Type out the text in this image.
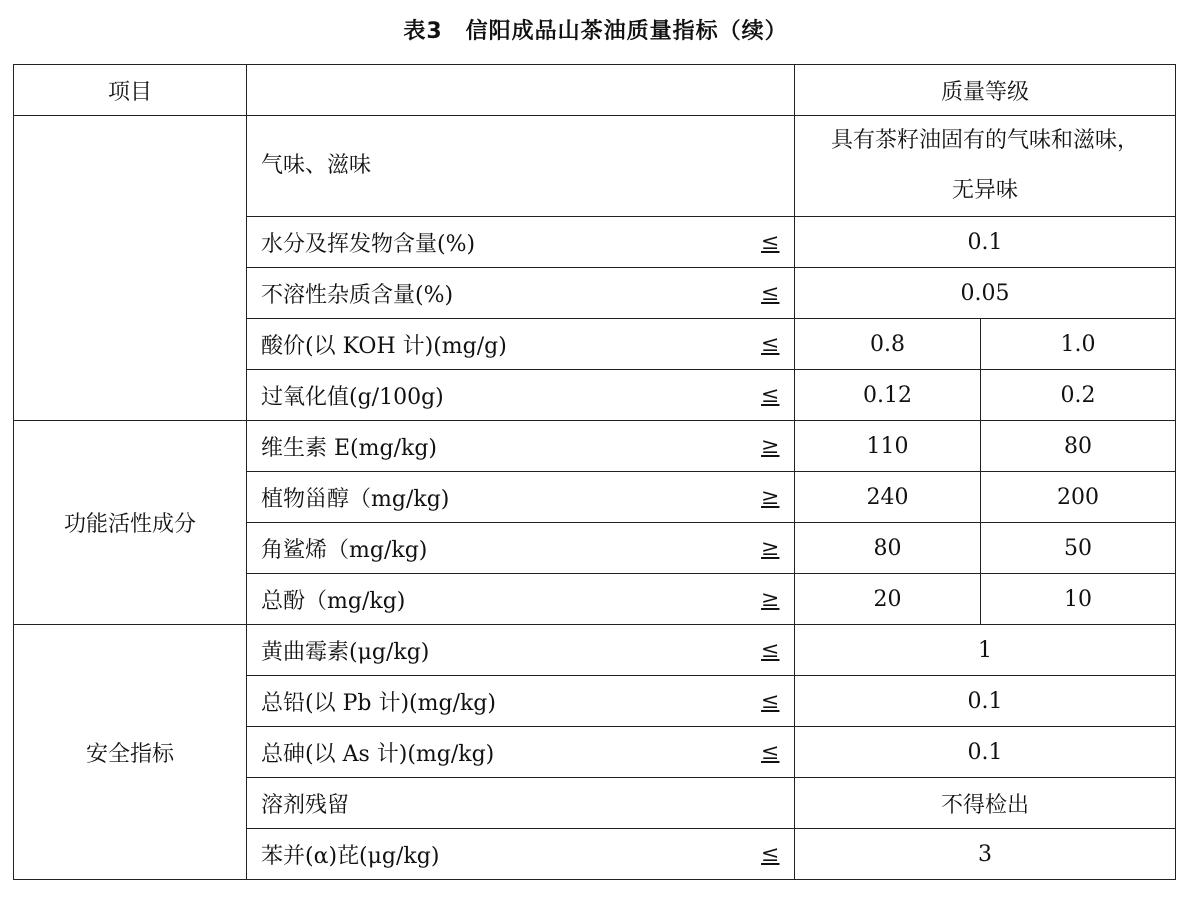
表3　信阳成品山茶油质量指标（续）
项目			质量等级	
	气味、滋味		具有茶籽油固有的气味和滋味，无异味	
	水分及挥发物含量(%)	≤	0.1	
	不溶性杂质含量(%)	≤	0.05	
	酸价(以 KOH 计)(mg/g)	≤	0.8	1.0
	过氧化值(g/100g)	≤	0.12	0.2
功能活性成分	维生素 E(mg/kg)	≥	110	80
	植物甾醇（mg/kg)	≥	240	200
	角鲨烯（mg/kg)	≥	80	50
	总酚（mg/kg)	≥	20	10
安全指标	黄曲霉素(μg/kg)	≤	1	
	总铅(以 Pb 计)(mg/kg)	≤	0.1	
	总砷(以 As 计)(mg/kg)	≤	0.1	
	溶剂残留		不得检出	
	苯并(α)芘(μg/kg)	≤	3	
